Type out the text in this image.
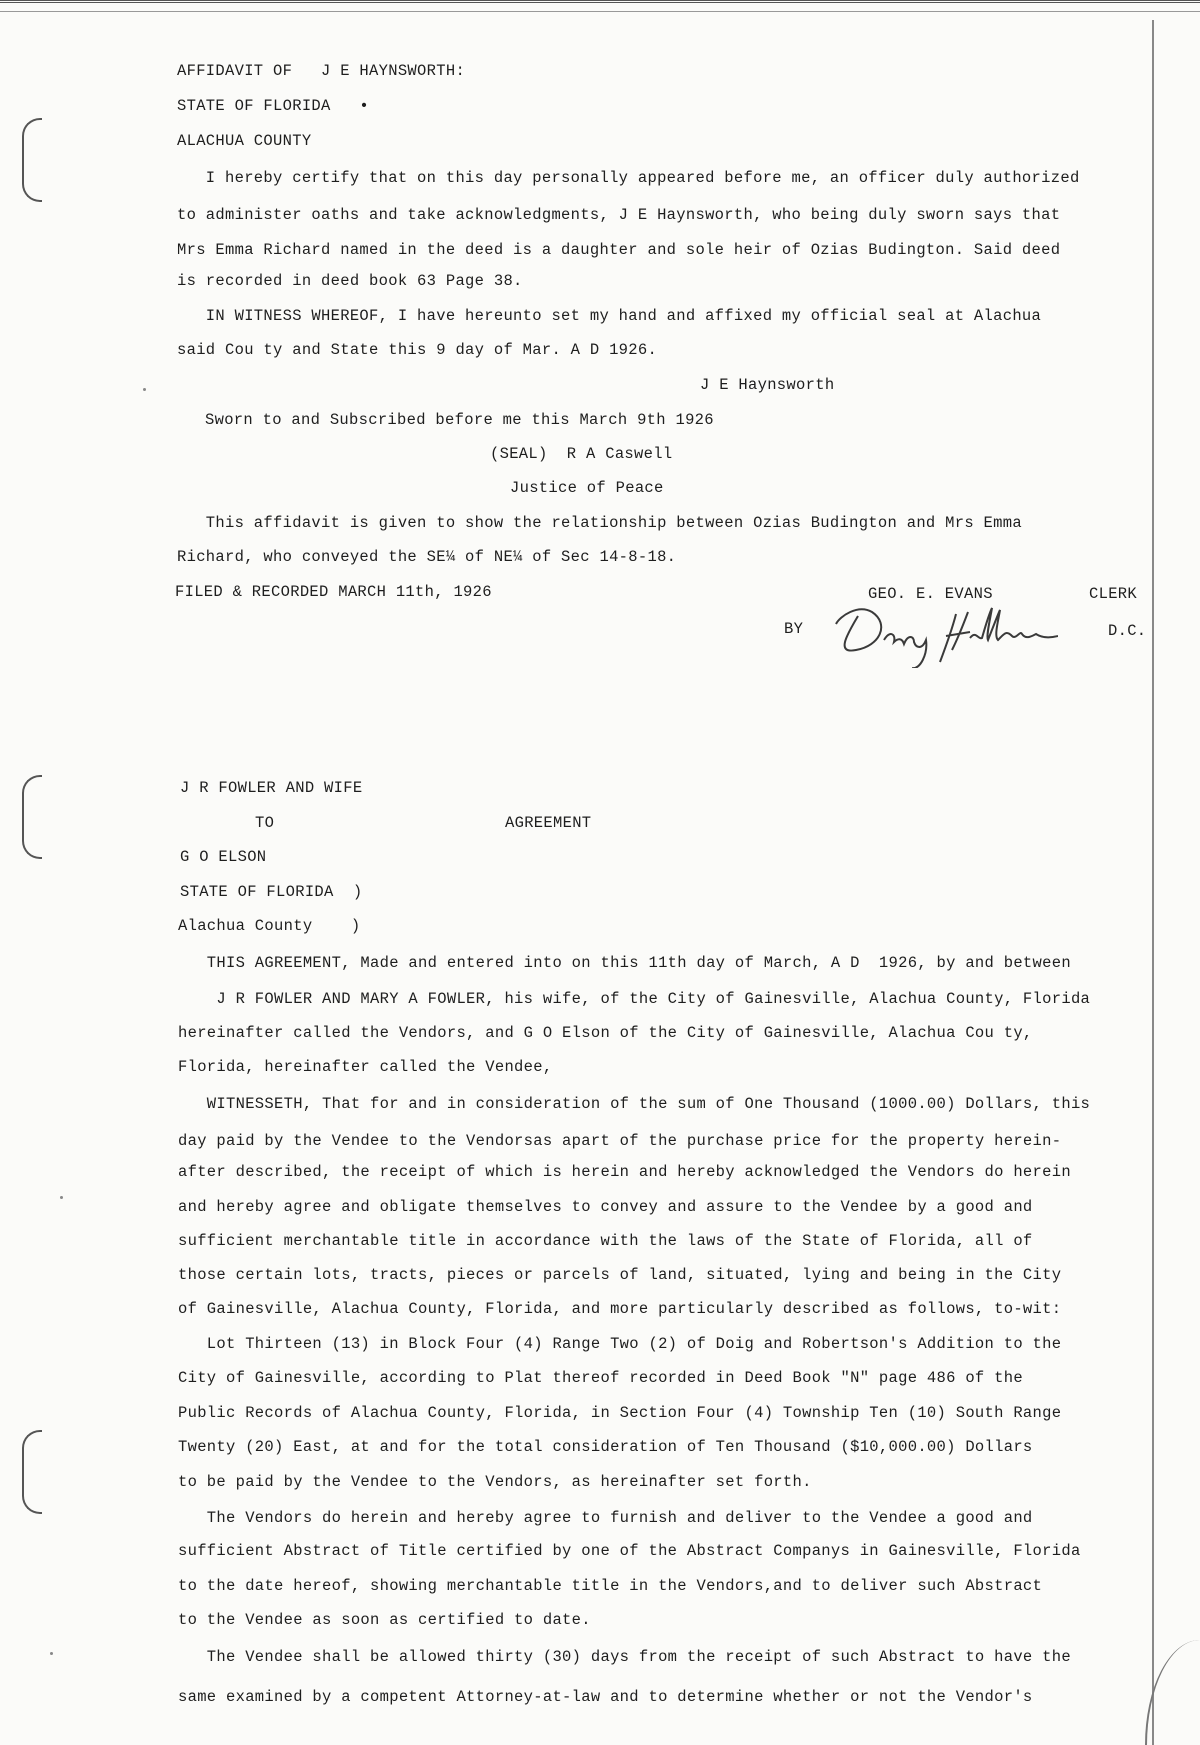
AFFIDAVIT OF   J E HAYNSWORTH:
STATE OF FLORIDA   •
ALACHUA COUNTY
I hereby certify that on this day personally appeared before me, an officer duly authorized
to administer oaths and take acknowledgments, J E Haynsworth, who being duly sworn says that
Mrs Emma Richard named in the deed is a daughter and sole heir of Ozias Budington. Said deed
is recorded in deed book 63 Page 38.
IN WITNESS WHEREOF, I have hereunto set my hand and affixed my official seal at Alachua
said Cou ty and State this 9 day of Mar. A D 1926.
J E Haynsworth
Sworn to and Subscribed before me this March 9th 1926
(SEAL)  R A Caswell
Justice of Peace
This affidavit is given to show the relationship between Ozias Budington and Mrs Emma
Richard, who conveyed the SE¼ of NE¼ of Sec 14-8-18.
FILED & RECORDED MARCH 11th, 1926	GEO. E. EVANS	CLERK
BY	D.C.
J R FOWLER AND WIFE
TO	AGREEMENT
G O ELSON
STATE OF FLORIDA  )
Alachua County    )
THIS AGREEMENT, Made and entered into on this 11th day of March, A D  1926, by and between
J R FOWLER AND MARY A FOWLER, his wife, of the City of Gainesville, Alachua County, Florida
hereinafter called the Vendors, and G O Elson of the City of Gainesville, Alachua Cou ty,
Florida, hereinafter called the Vendee,
WITNESSETH, That for and in consideration of the sum of One Thousand (1000.00) Dollars, this
day paid by the Vendee to the Vendorsas apart of the purchase price for the property herein-
after described, the receipt of which is herein and hereby acknowledged the Vendors do herein
and hereby agree and obligate themselves to convey and assure to the Vendee by a good and
sufficient merchantable title in accordance with the laws of the State of Florida, all of
those certain lots, tracts, pieces or parcels of land, situated, lying and being in the City
of Gainesville, Alachua County, Florida, and more particularly described as follows, to-wit:
Lot Thirteen (13) in Block Four (4) Range Two (2) of Doig and Robertson's Addition to the
City of Gainesville, according to Plat thereof recorded in Deed Book "N" page 486 of the
Public Records of Alachua County, Florida, in Section Four (4) Township Ten (10) South Range
Twenty (20) East, at and for the total consideration of Ten Thousand ($10,000.00) Dollars
to be paid by the Vendee to the Vendors, as hereinafter set forth.
The Vendors do herein and hereby agree to furnish and deliver to the Vendee a good and
sufficient Abstract of Title certified by one of the Abstract Companys in Gainesville, Florida
to the date hereof, showing merchantable title in the Vendors,and to deliver such Abstract
to the Vendee as soon as certified to date.
The Vendee shall be allowed thirty (30) days from the receipt of such Abstract to have the
same examined by a competent Attorney-at-law and to determine whether or not the Vendor's
